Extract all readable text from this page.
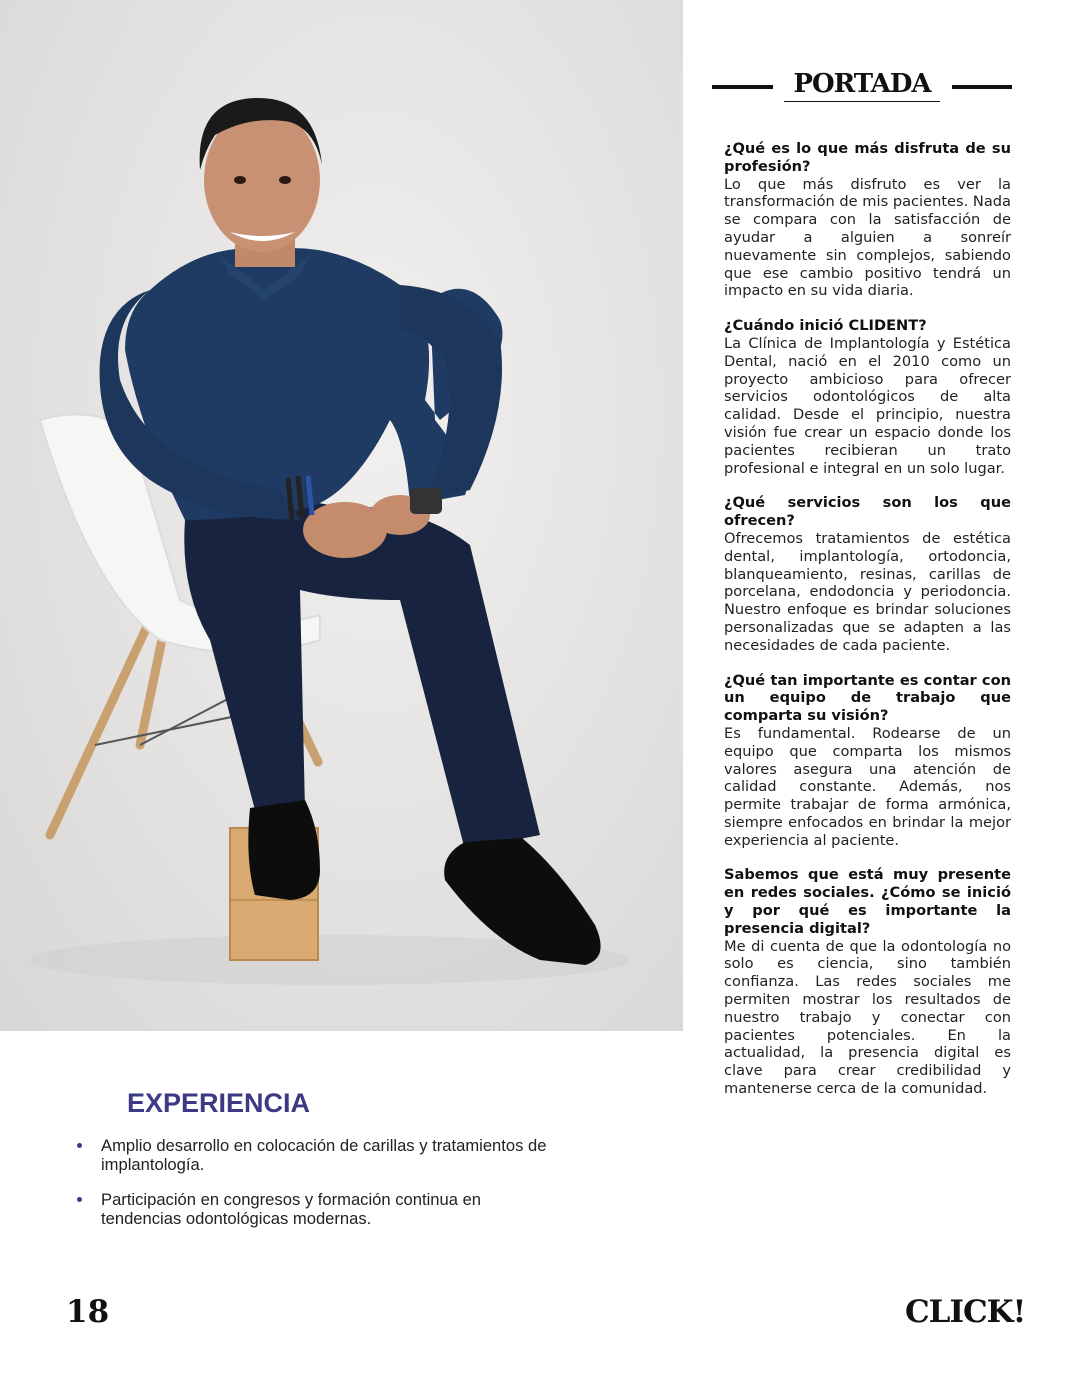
PORTADA

¿Qué es lo que más disfruta de su profesión?

Lo que más disfruto es ver la transformación de mis pacientes. Nada se compara con la satisfacción de ayudar a alguien a sonreír nuevamente sin complejos, sabiendo que ese cambio positivo tendrá un impacto en su vida diaria.

¿Cuándo inició CLIDENT?

La Clínica de Implantología y Estética Dental, nació en el 2010 como un proyecto ambicioso para ofrecer servicios odontológicos de alta calidad. Desde el principio, nuestra visión fue crear un espacio donde los pacientes recibieran un trato profesional e integral en un solo lugar.

¿Qué servicios son los que ofrecen?

Ofrecemos tratamientos de estética dental, implantología, ortodoncia, blanqueamiento, resinas, carillas de porcelana, endodoncia y periodoncia. Nuestro enfoque es brindar soluciones personalizadas que se adapten a las necesidades de cada paciente.

¿Qué tan importante es contar con un equipo de trabajo que comparta su visión?

Es fundamental. Rodearse de un equipo que comparta los mismos valores asegura una atención de calidad constante. Además, nos permite trabajar de forma armónica, siempre enfocados en brindar la mejor experiencia al paciente.

Sabemos que está muy presente en redes sociales. ¿Cómo se inició y por qué es importante la presencia digital?

Me di cuenta de que la odontología no solo es ciencia, sino también confianza. Las redes sociales me permiten mostrar los resultados de nuestro trabajo y conectar con pacientes potenciales. En la actualidad, la presencia digital es clave para crear credibilidad y mantenerse cerca de la comunidad.

EXPERIENCIA
Amplio desarrollo en colocación de carillas y tratamientos de implantología.
Participación en congresos y formación continua en tendencias odontológicas modernas.
18	CLICK!
